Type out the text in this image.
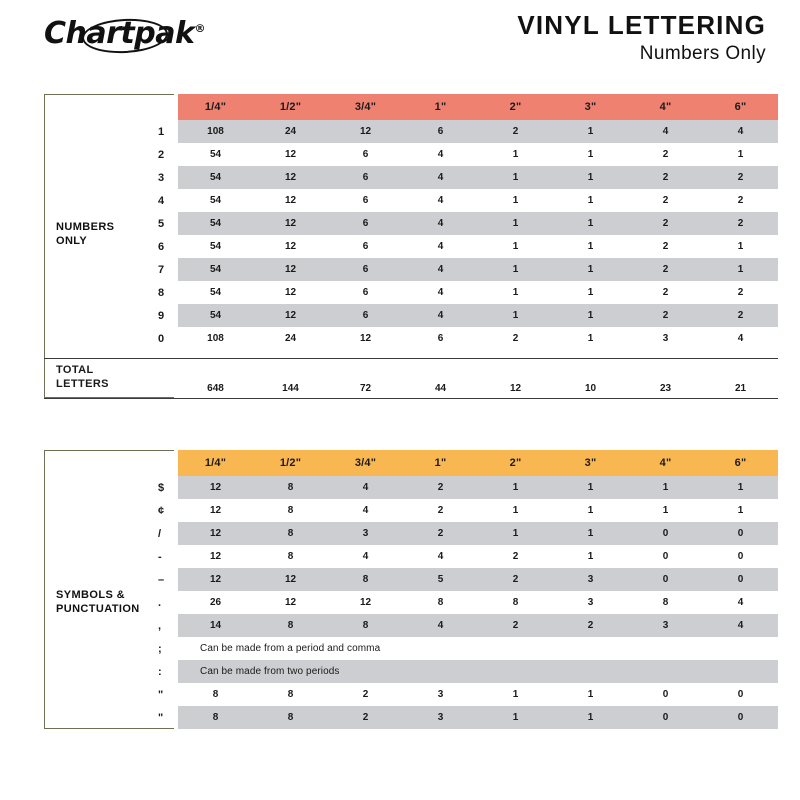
Chartpak®	VINYL LETTERING
Numbers Only
		1/4"	1/2"	3/4"	1"	2"	3"	4"	6"

NUMBERS
ONLY	1	108	24	12	6	2	1	4	4
	2	54	12	6	4	1	1	2	1
	3	54	12	6	4	1	1	2	2
	4	54	12	6	4	1	1	2	2
	5	54	12	6	4	1	1	2	2
	6	54	12	6	4	1	1	2	1
	7	54	12	6	4	1	1	2	1
	8	54	12	6	4	1	1	2	2
	9	54	12	6	4	1	1	2	2
	0	108	24	12	6	2	1	3	4

TOTAL
LETTERS		648	144	72	44	12	10	23	21
		1/4"	1/2"	3/4"	1"	2"	3"	4"	6"

SYMBOLS &
PUNCTUATION	$	12	8	4	2	1	1	1	1
	¢	12	8	4	2	1	1	1	1
	/	12	8	3	2	1	1	0	0
	-	12	8	4	4	2	1	0	0
	–	12	12	8	5	2	3	0	0
	.	26	12	12	8	8	3	8	4
	,	14	8	8	4	2	2	3	4
	;	Can be made from a period and comma							
	:	Can be made from two periods							
	"	8	8	2	3	1	1	0	0
	"	8	8	2	3	1	1	0	0
